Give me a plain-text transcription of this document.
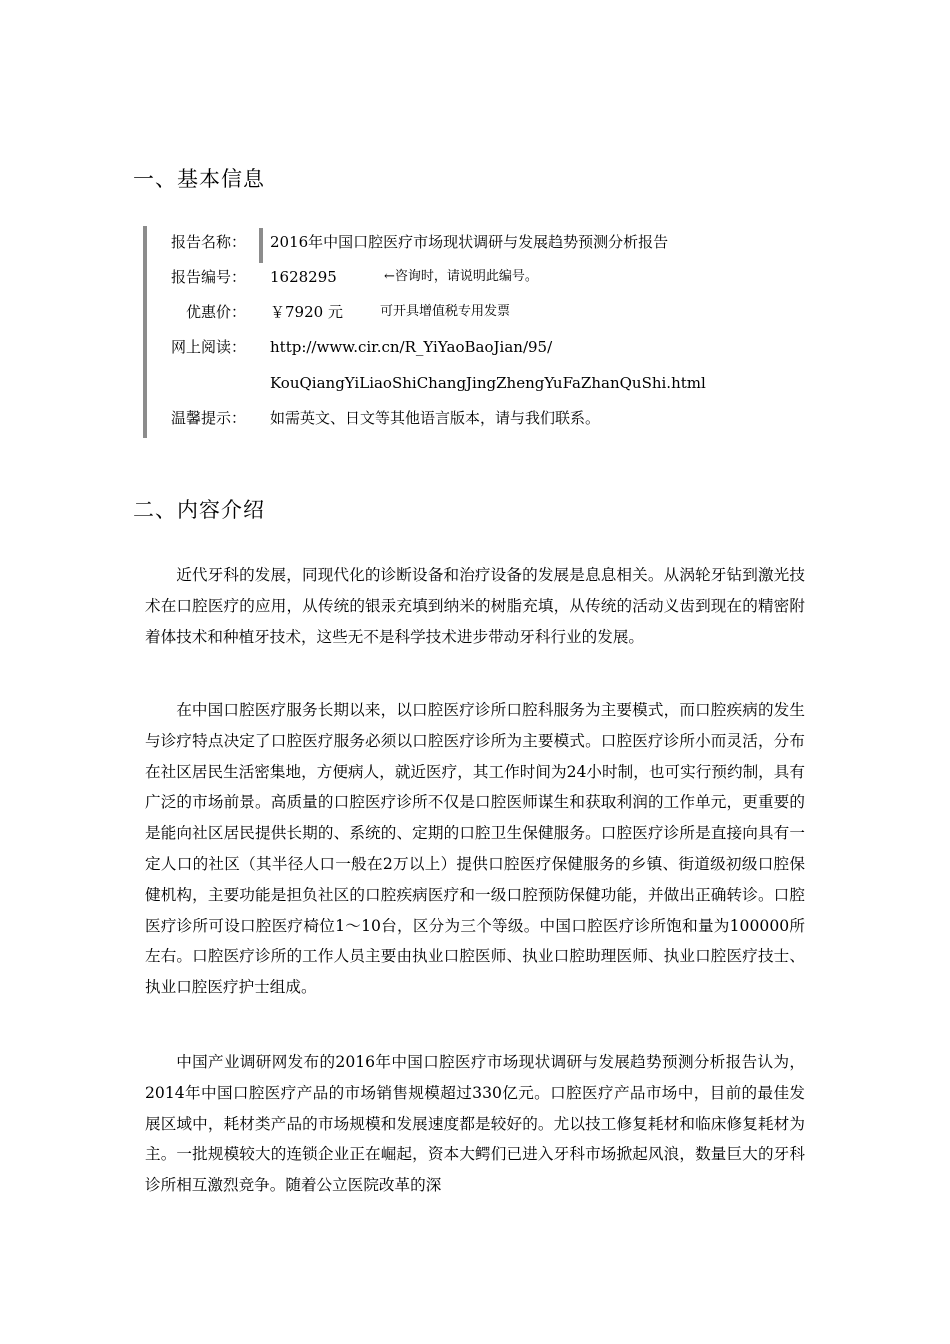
一、基本信息
报告名称： 2016年中国口腔医疗市场现状调研与发展趋势预测分析报告
报告编号： 1628295	←咨询时，请说明此编号。
优惠价： ￥7920 元	可开具增值税专用发票
网上阅读： http://www.cir.cn/R_YiYaoBaoJian/95/
KouQiangYiLiaoShiChangJingZhengYuFaZhanQuShi.html
温馨提示： 如需英文、日文等其他语言版本，请与我们联系。
二、内容介绍

近代牙科的发展，同现代化的诊断设备和治疗设备的发展是息息相关。从涡轮牙钻到激光技术在口腔医疗的应用，从传统的银汞充填到纳米的树脂充填，从传统的活动义齿到现在的精密附着体技术和种植牙技术，这些无不是科学技术进步带动牙科行业的发展。

在中国口腔医疗服务长期以来，以口腔医疗诊所口腔科服务为主要模式，而口腔疾病的发生与诊疗特点决定了口腔医疗服务必须以口腔医疗诊所为主要模式。口腔医疗诊所小而灵活，分布在社区居民生活密集地，方便病人，就近医疗，其工作时间为24小时制，也可实行预约制，具有广泛的市场前景。高质量的口腔医疗诊所不仅是口腔医师谋生和获取利润的工作单元，更重要的是能向社区居民提供长期的、系统的、定期的口腔卫生保健服务。口腔医疗诊所是直接向具有一定人口的社区（其半径人口一般在2万以上）提供口腔医疗保健服务的乡镇、街道级初级口腔保健机构，主要功能是担负社区的口腔疾病医疗和一级口腔预防保健功能，并做出正确转诊。口腔医疗诊所可设口腔医疗椅位1～10台，区分为三个等级。中国口腔医疗诊所饱和量为100000所左右。口腔医疗诊所的工作人员主要由执业口腔医师、执业口腔助理医师、执业口腔医疗技士、执业口腔医疗护士组成。

中国产业调研网发布的2016年中国口腔医疗市场现状调研与发展趋势预测分析报告认为，2014年中国口腔医疗产品的市场销售规模超过330亿元。口腔医疗产品市场中，目前的最佳发展区域中，耗材类产品的市场规模和发展速度都是较好的。尤以技工修复耗材和临床修复耗材为主。一批规模较大的连锁企业正在崛起，资本大鳄们已进入牙科市场掀起风浪，数量巨大的牙科诊所相互激烈竞争。随着公立医院改革的深
